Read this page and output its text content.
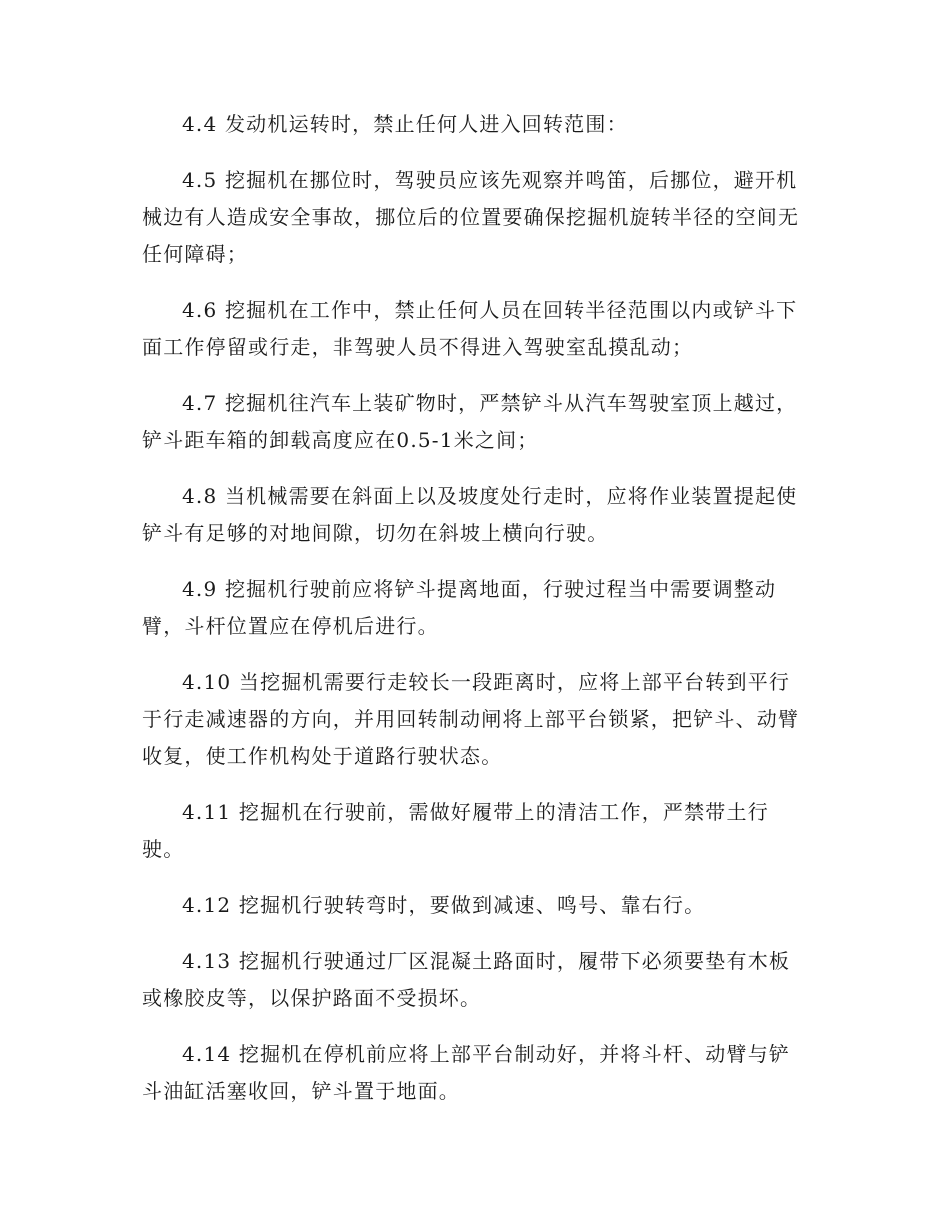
4.4 发动机运转时，禁止任何人进入回转范围：

4.5 挖掘机在挪位时，驾驶员应该先观察并鸣笛，后挪位，避开机械边有人造成安全事故，挪位后的位置要确保挖掘机旋转半径的空间无任何障碍；

4.6 挖掘机在工作中，禁止任何人员在回转半径范围以内或铲斗下面工作停留或行走，非驾驶人员不得进入驾驶室乱摸乱动；

4.7 挖掘机往汽车上装矿物时，严禁铲斗从汽车驾驶室顶上越过，铲斗距车箱的卸载高度应在0.5-1米之间；

4.8 当机械需要在斜面上以及坡度处行走时，应将作业装置提起使铲斗有足够的对地间隙，切勿在斜坡上横向行驶。

4.9 挖掘机行驶前应将铲斗提离地面，行驶过程当中需要调整动臂，斗杆位置应在停机后进行。

4.10 当挖掘机需要行走较长一段距离时，应将上部平台转到平行于行走减速器的方向，并用回转制动闸将上部平台锁紧，把铲斗、动臂收复，使工作机构处于道路行驶状态。

4.11 挖掘机在行驶前，需做好履带上的清洁工作，严禁带土行驶。

4.12 挖掘机行驶转弯时，要做到减速、鸣号、靠右行。

4.13 挖掘机行驶通过厂区混凝土路面时，履带下必须要垫有木板或橡胶皮等，以保护路面不受损坏。

4.14 挖掘机在停机前应将上部平台制动好，并将斗杆、动臂与铲斗油缸活塞收回，铲斗置于地面。
